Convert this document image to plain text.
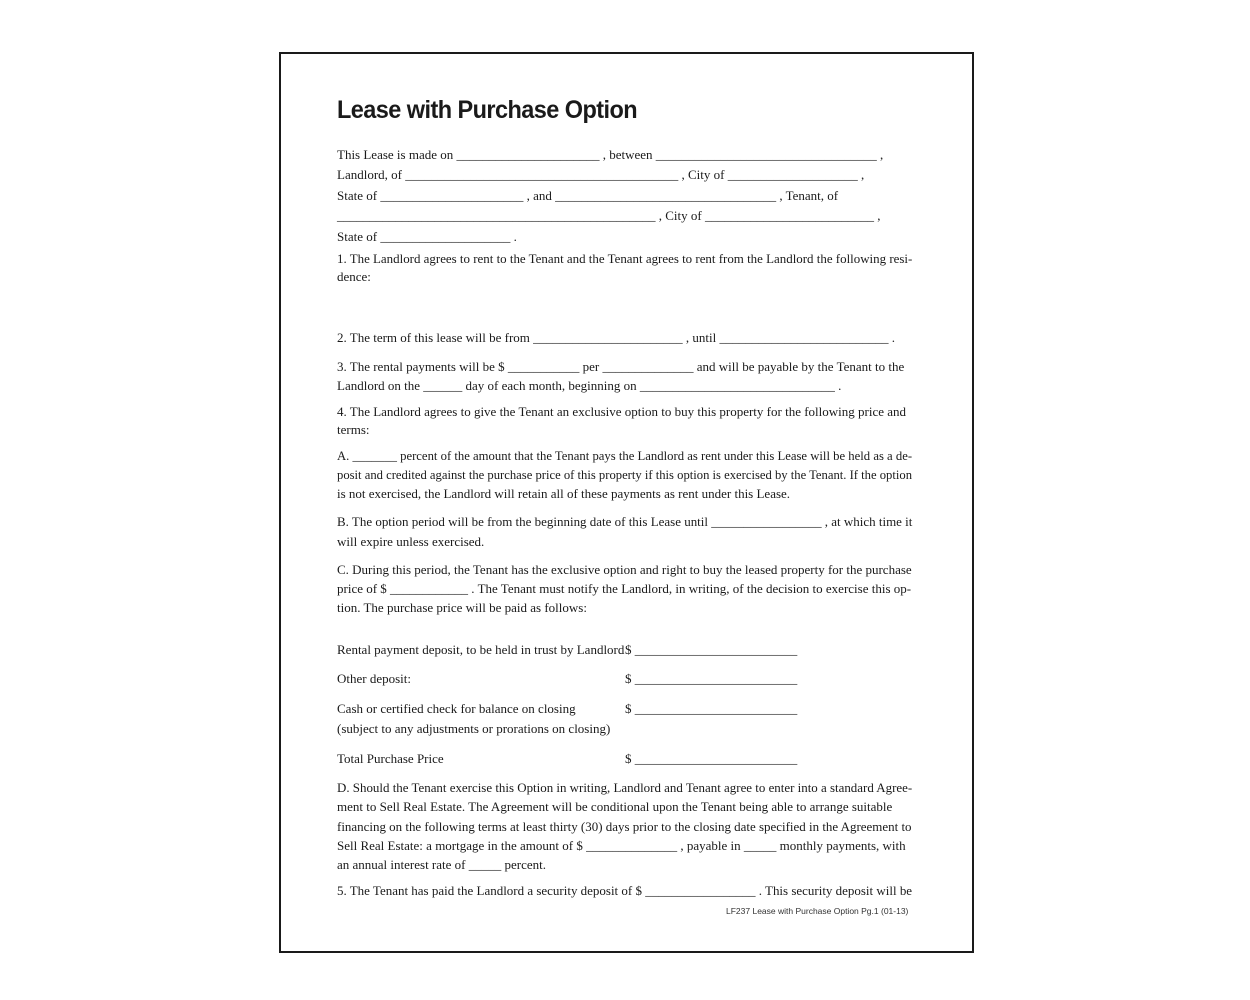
Lease with Purchase Option
This Lease is made on ______________________ , between __________________________________ ,
Landlord, of __________________________________________ , City of ____________________ ,
State of ______________________ , and __________________________________ , Tenant, of
_________________________________________________ , City of __________________________ ,
State of ____________________ .
1. The Landlord agrees to rent to the Tenant and the Tenant agrees to rent from the Landlord the following resi-
dence:
2. The term of this lease will be from _______________________ , until __________________________ .
3. The rental payments will be $ ___________ per ______________ and will be payable by the Tenant to the
Landlord on the ______ day of each month, beginning on ______________________________ .
4. The Landlord agrees to give the Tenant an exclusive option to buy this property for the following price and
terms:
A. _______ percent of the amount that the Tenant pays the Landlord as rent under this Lease will be held as a de-
posit and credited against the purchase price of this property if this option is exercised by the Tenant. If the option
is not exercised, the Landlord will retain all of these payments as rent under this Lease.
B. The option period will be from the beginning date of this Lease until _________________ , at which time it
will expire unless exercised.
C. During this period, the Tenant has the exclusive option and right to buy the leased property for the purchase
price of $ ____________ . The Tenant must notify the Landlord, in writing, of the decision to exercise this op-
tion. The purchase price will be paid as follows:
Rental payment deposit, to be held in trust by Landlord $ _________________________
Other deposit:	$ _________________________
Cash or certified check for balance on closing	$ _________________________
(subject to any adjustments or prorations on closing)
Total Purchase Price	$ _________________________
D. Should the Tenant exercise this Option in writing, Landlord and Tenant agree to enter into a standard Agree-
ment to Sell Real Estate. The Agreement will be conditional upon the Tenant being able to arrange suitable
financing on the following terms at least thirty (30) days prior to the closing date specified in the Agreement to
Sell Real Estate: a mortgage in the amount of $ ______________ , payable in _____ monthly payments, with
an annual interest rate of _____ percent.
5. The Tenant has paid the Landlord a security deposit of $ _________________ . This security deposit will be
LF237 Lease with Purchase Option Pg.1 (01-13)
